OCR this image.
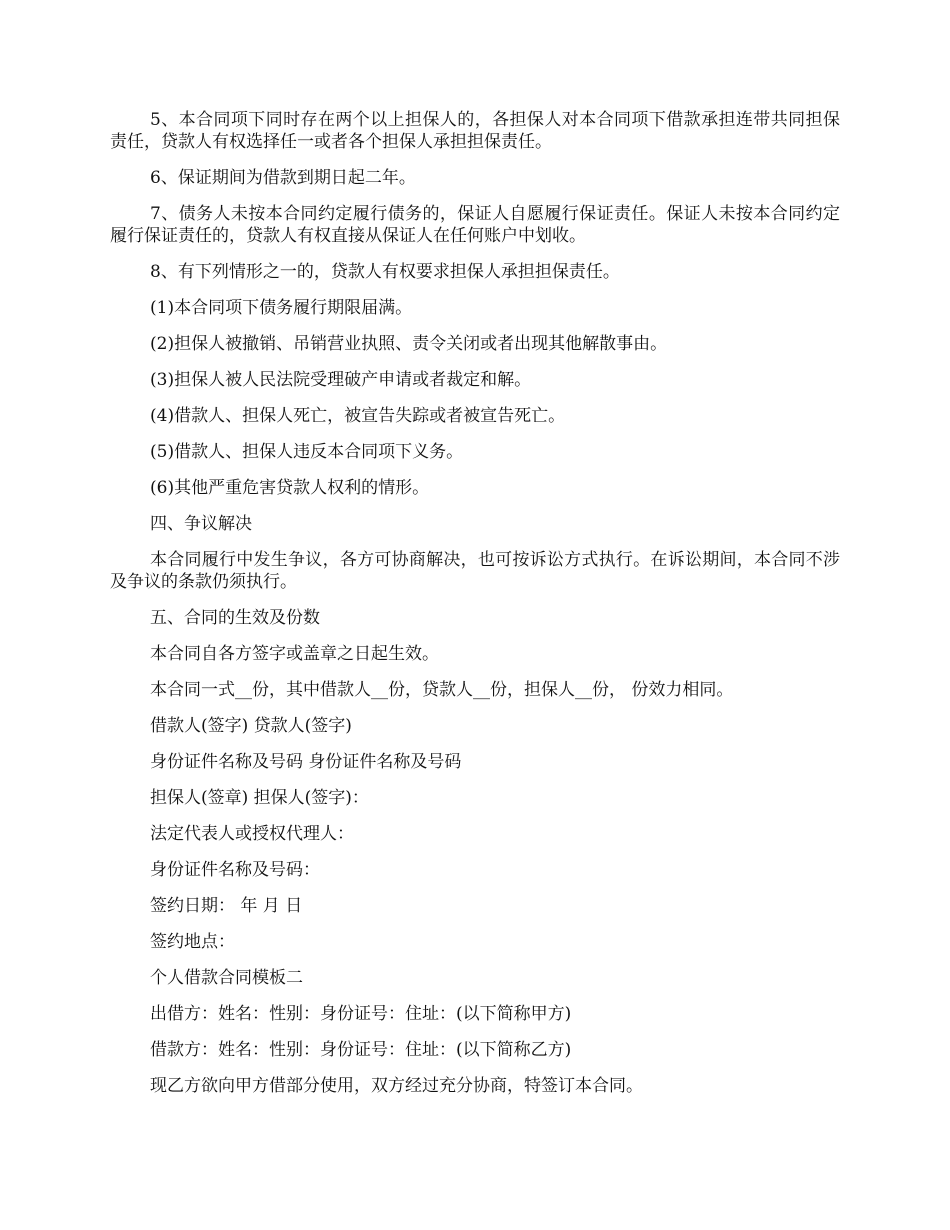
5、本合同项下同时存在两个以上担保人的，各担保人对本合同项下借款承担连带共同担保责任，贷款人有权选择任一或者各个担保人承担担保责任。

6、保证期间为借款到期日起二年。

7、债务人未按本合同约定履行债务的，保证人自愿履行保证责任。保证人未按本合同约定履行保证责任的，贷款人有权直接从保证人在任何账户中划收。

8、有下列情形之一的，贷款人有权要求担保人承担担保责任。

(1)本合同项下债务履行期限届满。

(2)担保人被撤销、吊销营业执照、责令关闭或者出现其他解散事由。

(3)担保人被人民法院受理破产申请或者裁定和解。

(4)借款人、担保人死亡，被宣告失踪或者被宣告死亡。

(5)借款人、担保人违反本合同项下义务。

(6)其他严重危害贷款人权利的情形。

四、争议解决

本合同履行中发生争议，各方可协商解决，也可按诉讼方式执行。在诉讼期间，本合同不涉及争议的条款仍须执行。

五、合同的生效及份数

本合同自各方签字或盖章之日起生效。

本合同一式__份，其中借款人__份，贷款人__份，担保人__份， 份效力相同。

借款人(签字) 贷款人(签字)

身份证件名称及号码 身份证件名称及号码

担保人(签章) 担保人(签字)：

法定代表人或授权代理人：

身份证件名称及号码：

签约日期： 年 月 日

签约地点：

个人借款合同模板二

出借方：姓名：性别：身份证号：住址：(以下简称甲方)

借款方：姓名：性别：身份证号：住址：(以下简称乙方)

现乙方欲向甲方借部分使用，双方经过充分协商，特签订本合同。
